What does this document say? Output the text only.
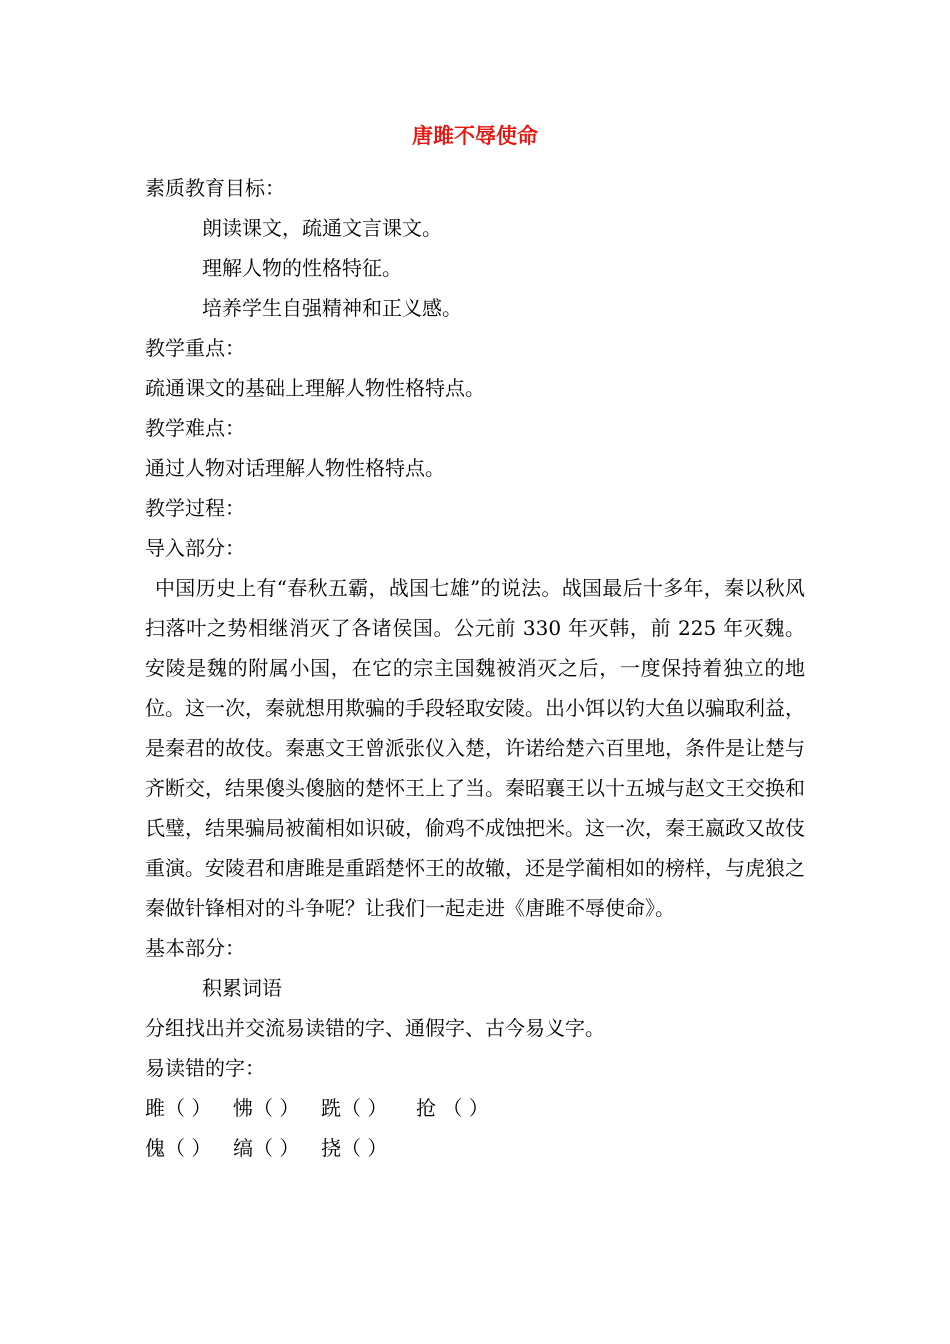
唐雎不辱使命
素质教育目标：
朗读课文，疏通文言课文。
理解人物的性格特征。
培养学生自强精神和正义感。
教学重点：
疏通课文的基础上理解人物性格特点。
教学难点：
通过人物对话理解人物性格特点。
教学过程：
导入部分：
中国历史上有“春秋五霸，战国七雄”的说法。战国最后十多年，秦以秋风扫落叶之势相继消灭了各诸侯国。公元前 330 年灭韩，前 225 年灭魏。安陵是魏的附属小国，在它的宗主国魏被消灭之后，一度保持着独立的地位。这一次，秦就想用欺骗的手段轻取安陵。出小饵以钓大鱼以骗取利益，是秦君的故伎。秦惠文王曾派张仪入楚，许诺给楚六百里地，条件是让楚与齐断交，结果傻头傻脑的楚怀王上了当。秦昭襄王以十五城与赵文王交换和氏璧，结果骗局被蔺相如识破，偷鸡不成蚀把米。这一次，秦王嬴政又故伎重演。安陵君和唐雎是重蹈楚怀王的故辙，还是学蔺相如的榜样，与虎狼之秦做针锋相对的斗争呢？让我们一起走进《唐雎不辱使命》。
基本部分：
积累词语
分组找出并交流易读错的字、通假字、古今易义字。
易读错的字：
雎（ ）	怫（ ）	跣（ ）	抢 （ ）
傀（ ）	缟（ ）	挠（ ）
